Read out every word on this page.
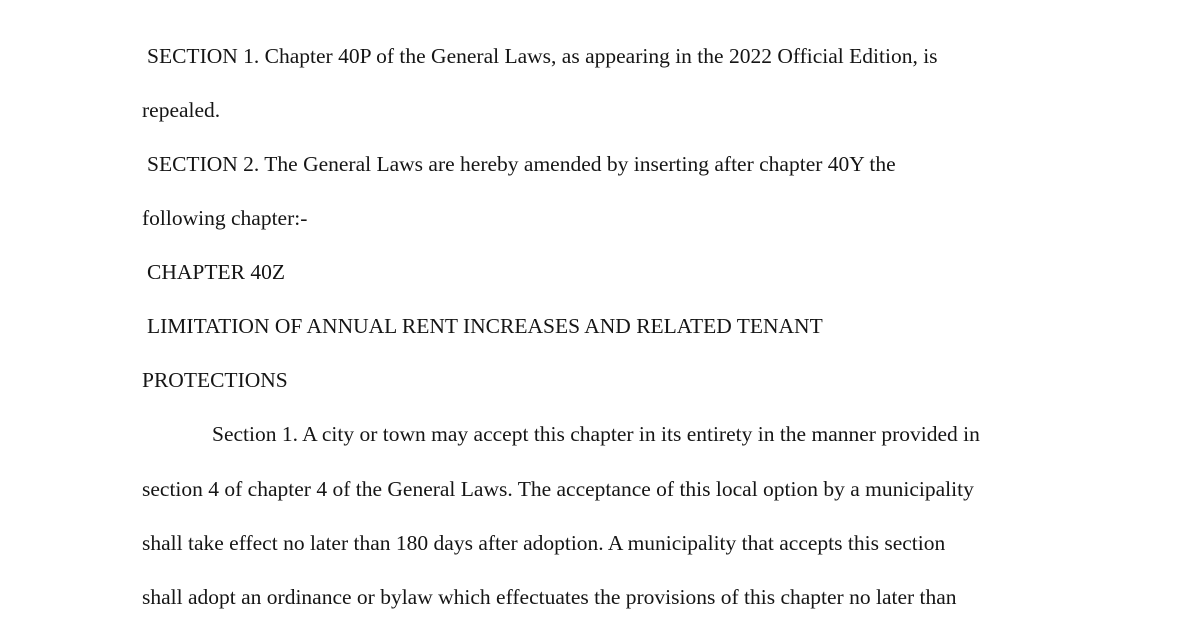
SECTION 1. Chapter 40P of the General Laws, as appearing in the 2022 Official Edition, is
repealed.
SECTION 2. The General Laws are hereby amended by inserting after chapter 40Y the
following chapter:-
CHAPTER 40Z
LIMITATION OF ANNUAL RENT INCREASES AND RELATED TENANT
PROTECTIONS
Section 1. A city or town may accept this chapter in its entirety in the manner provided in
section 4 of chapter 4 of the General Laws. The acceptance of this local option by a municipality
shall take effect no later than 180 days after adoption. A municipality that accepts this section
shall adopt an ordinance or bylaw which effectuates the provisions of this chapter no later than
